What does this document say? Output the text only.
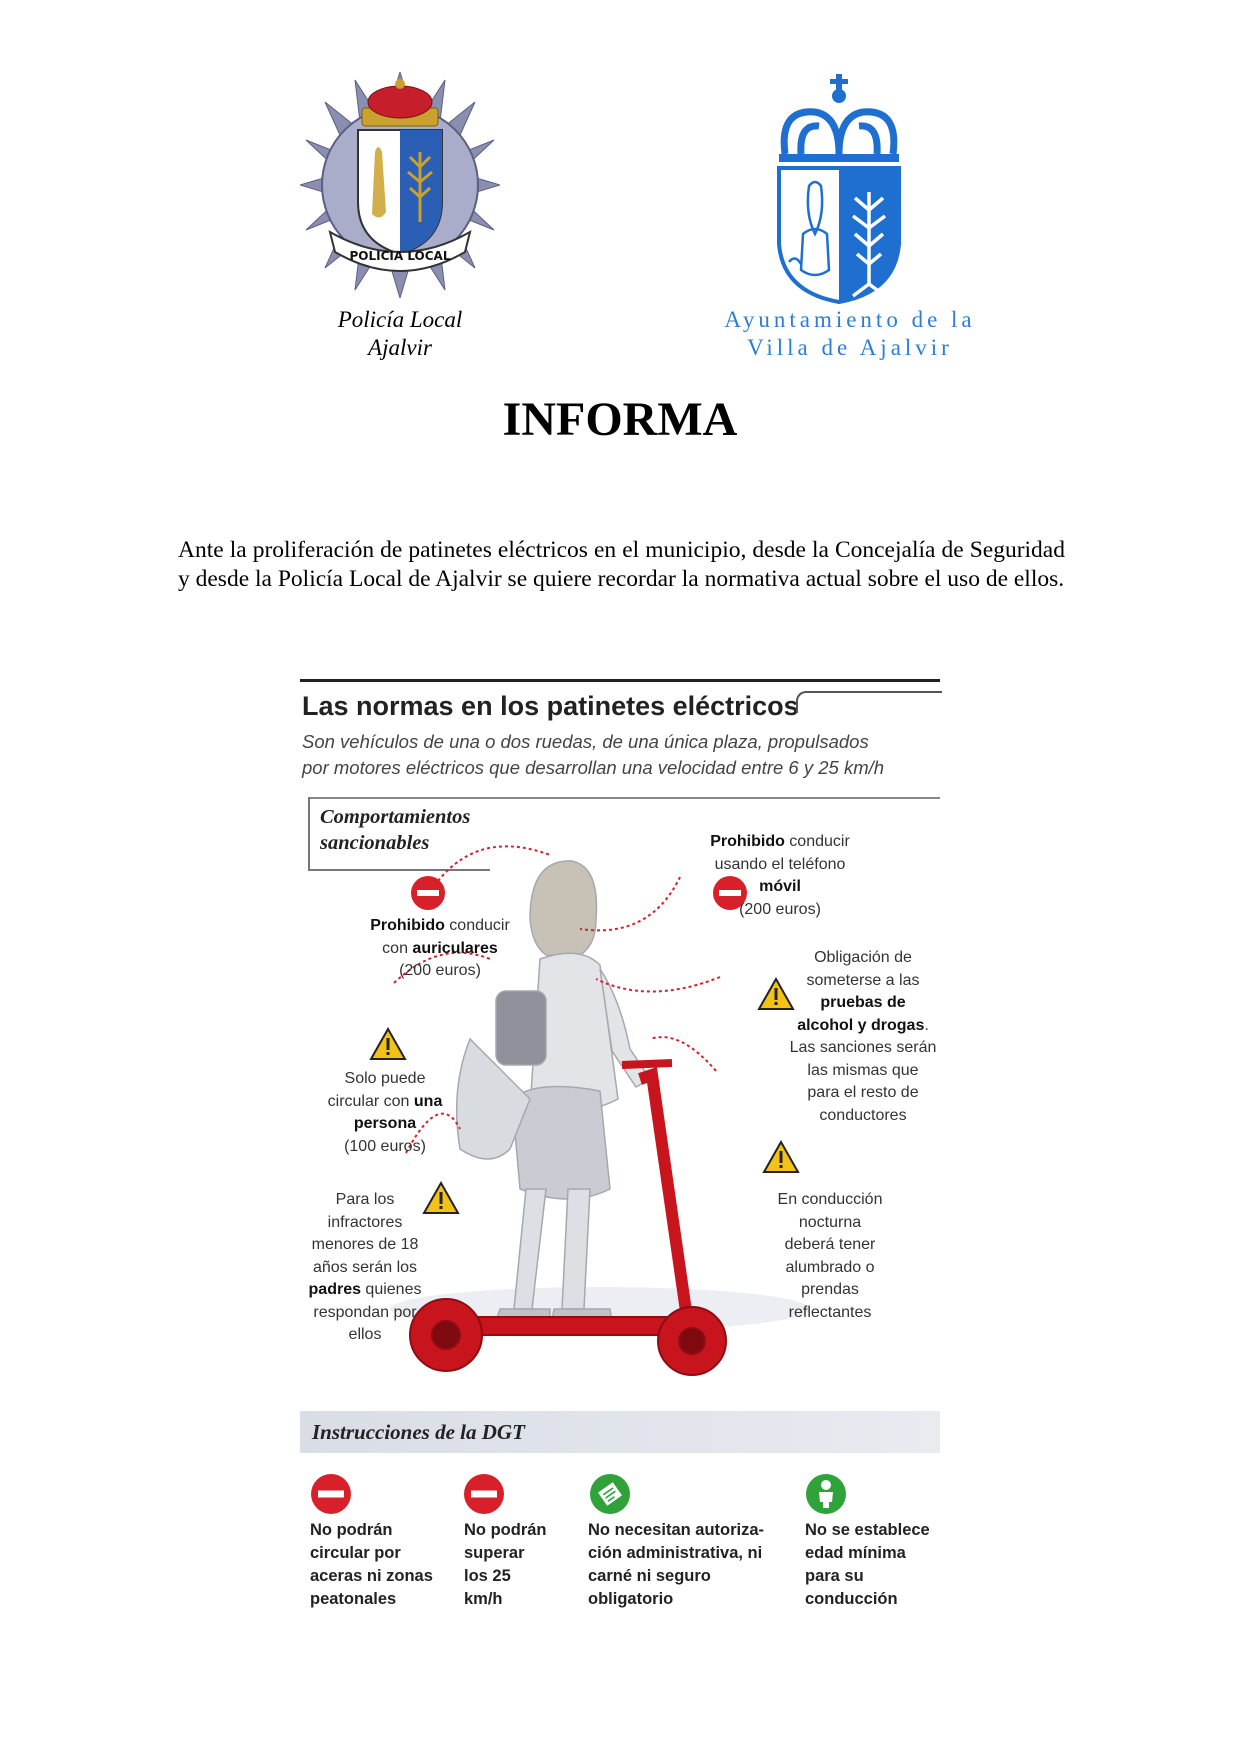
POLICIA LOCAL
Policía Local
Ajalvir
Ayuntamiento de la
Villa de Ajalvir
INFORMA
Ante la proliferación de patinetes eléctricos en el municipio, desde la Concejalía de Seguridad y desde la Policía Local de Ajalvir se quiere recordar la normativa actual sobre el uso de ellos.
Las normas en los patinetes eléctricos
Son vehículos de una o dos ruedas, de una única plaza, propulsados
por motores eléctricos que desarrollan una velocidad entre 6 y 25 km/h
Comportamientos
sancionables	Prohibido conducir
usando el teléfono
móvil
(200 euros)
Prohibido conducir
con auriculares
(200 euros)
Obligación de
someterse a las
pruebas de
alcohol y drogas.
Las sanciones serán
las mismas que
para el resto de
conductores
Solo puede
circular con una
persona
(100 euros)
Para los
infractores
menores de 18
años serán los
padres quienes
respondan por
ellos
En conducción
nocturna
deberá tener
alumbrado o
prendas
reflectantes
Instrucciones de la DGT
No podrán
circular por
aceras ni zonas
peatonales
No podrán
superar
los 25
km/h
No necesitan autoriza-
ción administrativa, ni
carné ni seguro
obligatorio
No se establece
edad mínima
para su
conducción
